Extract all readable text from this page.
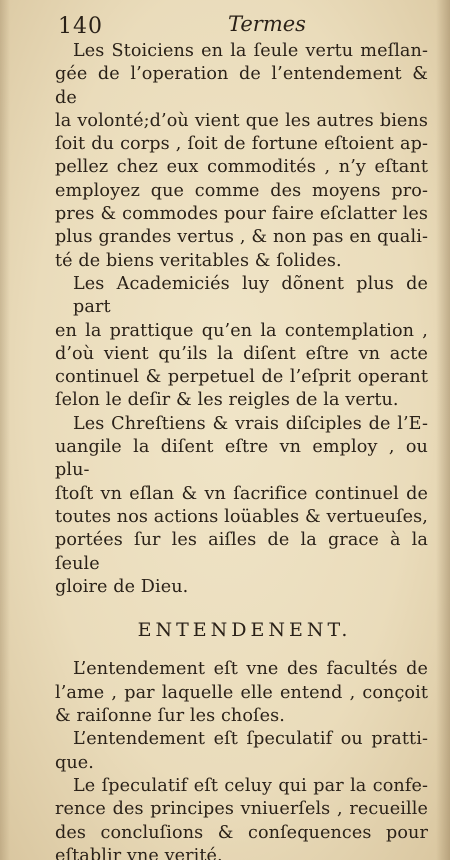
140	Termes
Les Stoiciens en la ſeule vertu meſlan-
gée de l’operation de l’entendement & de
la volonté;d’où vient que les autres biens
ſoit du corps , ſoit de fortune eſtoient ap-
pellez chez eux commodités , n’y eſtant
employez que comme des moyens pro-
pres & commodes pour faire eſclatter les
plus grandes vertus , & non pas en quali-
té de biens veritables & ſolides.
Les Academiciés luy dõnent plus de part
en la prattique qu’en la contemplation ,
d’où vient qu’ils la diſent eſtre vn acte
continuel & perpetuel de l’eſprit operant
ſelon le deſir & les reigles de la vertu.
Les Chreſtiens & vrais diſciples de l’E-
uangile la diſent eſtre vn employ , ou plu-
ſtoſt vn eſlan & vn ſacrifice continuel de
toutes nos actions loüables & vertueuſes,
portées ſur les aiſles de la grace à la ſeule
gloire de Dieu.
ENTENDENENT.
L’entendement eſt vne des facultés de
l’ame , par laquelle elle entend , conçoit
& raiſonne ſur les choſes.
L’entendement eſt ſpeculatif ou pratti-
que.
Le ſpeculatif eſt celuy qui par la confe-
rence des principes vniuerſels , recueille
des concluſions & conſequences pour
eſtablir vne verité.
